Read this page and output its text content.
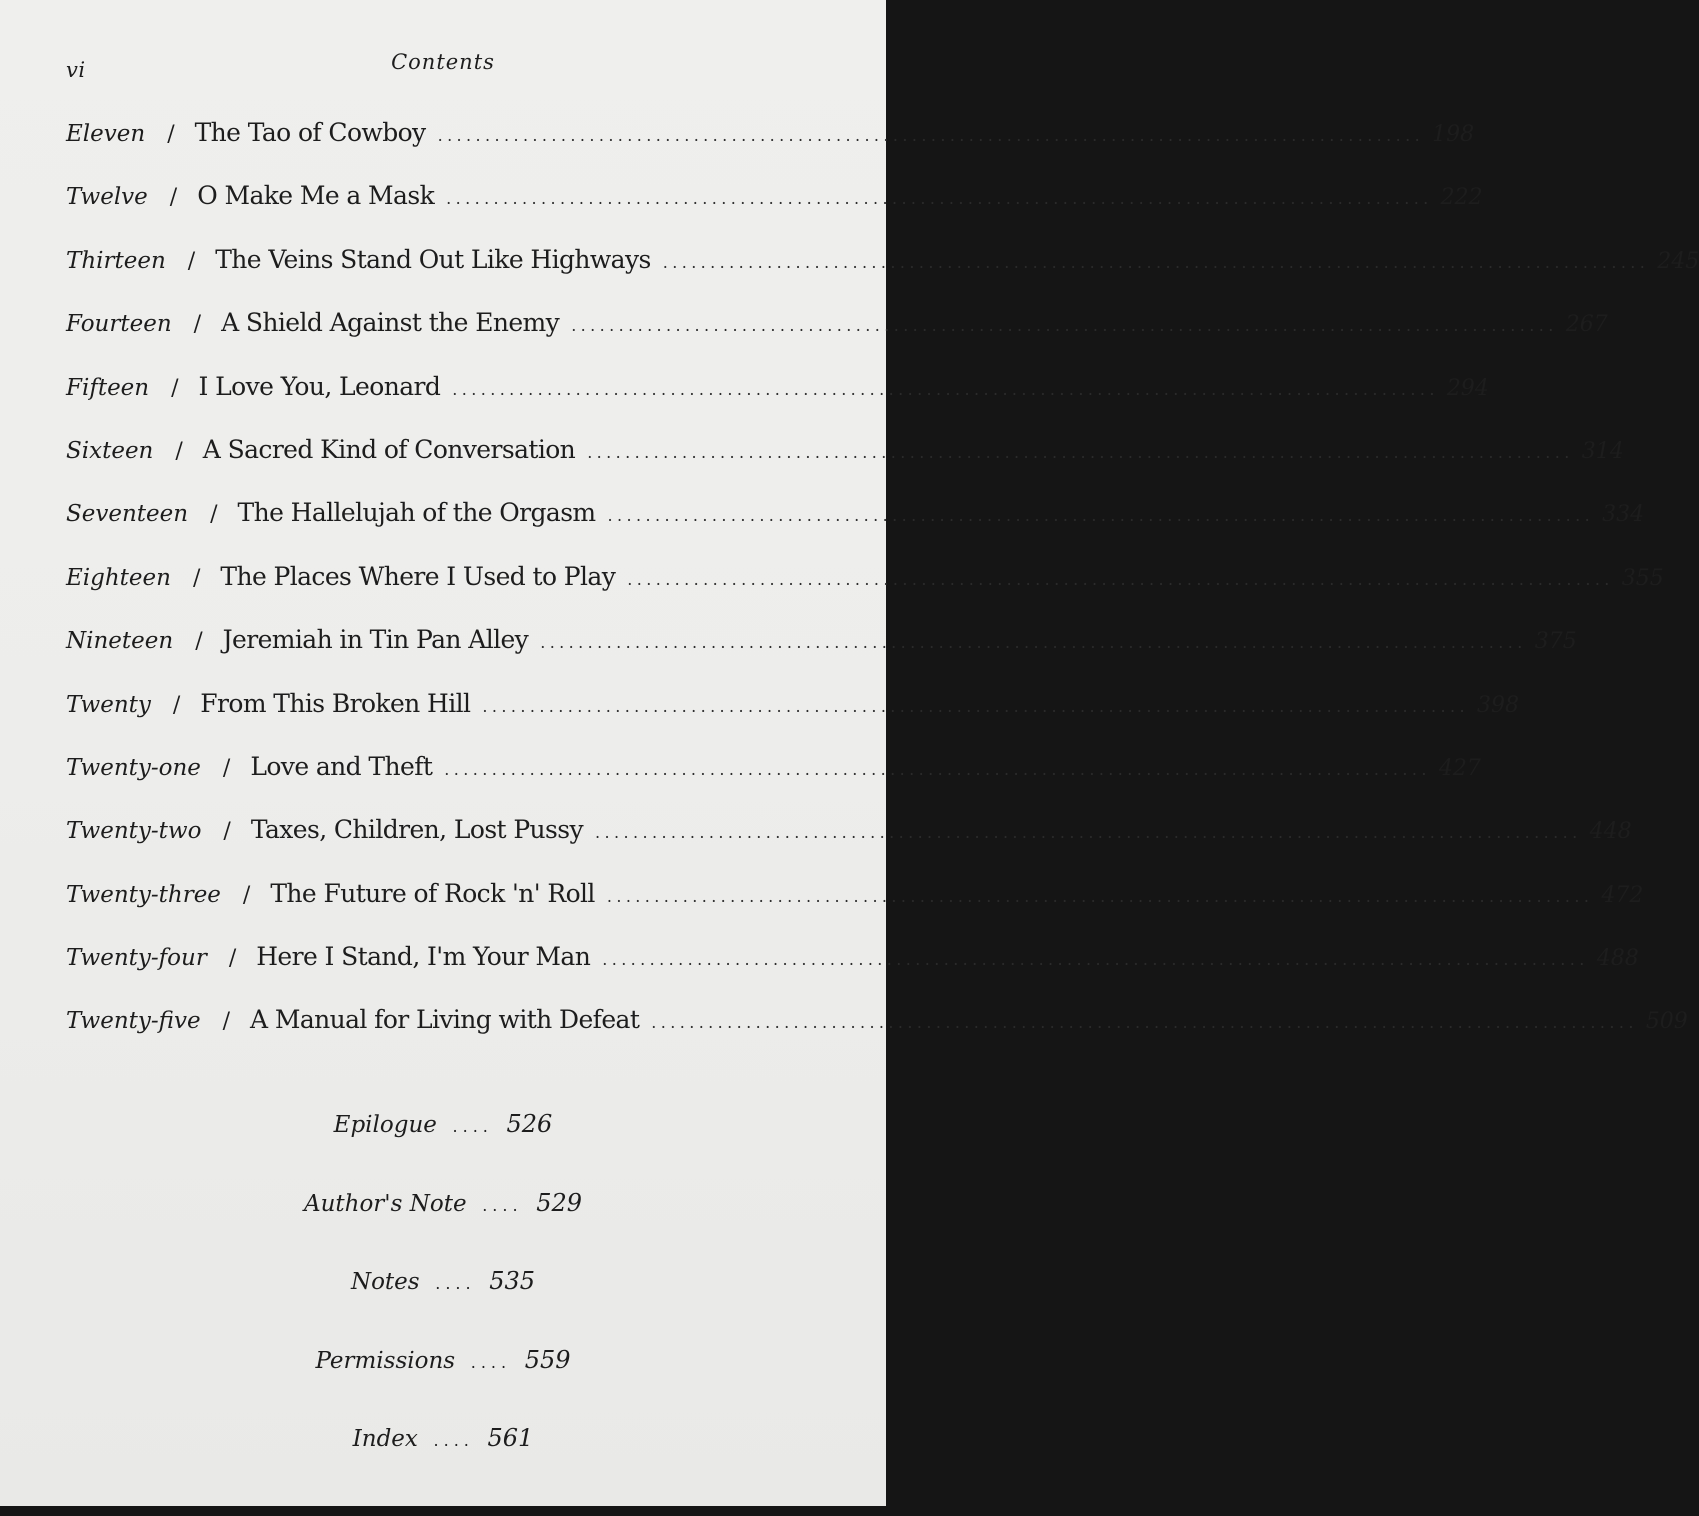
vi	Contents
Eleven / The Tao of Cowboy ........................................................................................................ 198
Twelve / O Make Me a Mask ........................................................................................................ 222
Thirteen / The Veins Stand Out Like Highways ........................................................................................................ 245
Fourteen / A Shield Against the Enemy ........................................................................................................ 267
Fifteen / I Love You, Leonard ........................................................................................................ 294
Sixteen / A Sacred Kind of Conversation ........................................................................................................ 314
Seventeen / The Hallelujah of the Orgasm ........................................................................................................ 334
Eighteen / The Places Where I Used to Play ........................................................................................................ 355
Nineteen / Jeremiah in Tin Pan Alley ........................................................................................................ 375
Twenty / From This Broken Hill ........................................................................................................ 398
Twenty-one / Love and Theft ........................................................................................................ 427
Twenty-two / Taxes, Children, Lost Pussy ........................................................................................................ 448
Twenty-three / The Future of Rock 'n' Roll ........................................................................................................ 472
Twenty-four / Here I Stand, I'm Your Man ........................................................................................................ 488
Twenty-five / A Manual for Living with Defeat ........................................................................................................ 509
Epilogue .... 526
Author's Note .... 529
Notes .... 535
Permissions .... 559
Index .... 561
